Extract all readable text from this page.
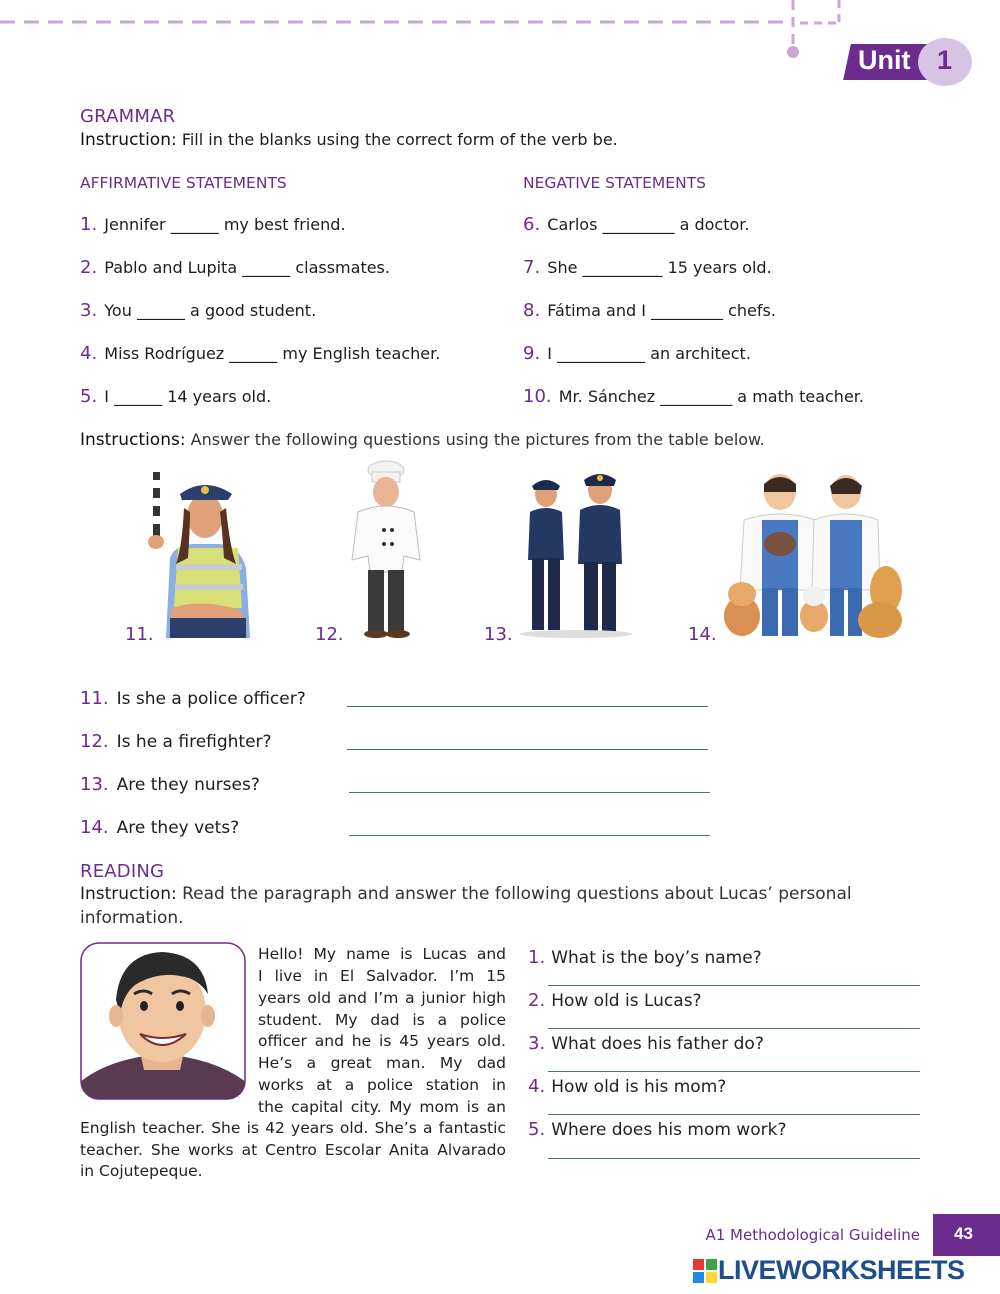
Unit 1
GRAMMAR
Instruction: Fill in the blanks using the correct form of the verb be.
AFFIRMATIVE STATEMENTS	NEGATIVE STATEMENTS
1. Jennifer ______ my best friend.
2. Pablo and Lupita ______ classmates.
3. You ______ a good student.
4. Miss Rodríguez ______ my English teacher.
5. I ______ 14 years old.
6. Carlos _________ a doctor.
7. She __________ 15 years old.
8. Fátima and I _________ chefs.
9. I ___________ an architect.
10. Mr. Sánchez _________ a math teacher.
Instructions: Answer the following questions using the pictures from the table below.
11.	12.	13.	14.
11. Is she a police officer?
12. Is he a firefighter?
13. Are they nurses?
14. Are they vets?
READING
Instruction: Read the paragraph and answer the following questions about Lucas’ personal
information.
Hello! My name is Lucas and
I live in El Salvador. I’m 15
years old and I’m a junior high
student. My dad is a police
officer and he is 45 years old.
He’s a great man. My dad
works at a police station in
the capital city. My mom is an
English teacher. She is 42 years old. She’s a fantastic
teacher. She works at Centro Escolar Anita Alvarado
in Cojutepeque.
1. What is the boy’s name?
2. How old is Lucas?
3. What does his father do?
4. How old is his mom?
5. Where does his mom work?
A1 Methodological Guideline 43
LIVEWORKSHEETS
